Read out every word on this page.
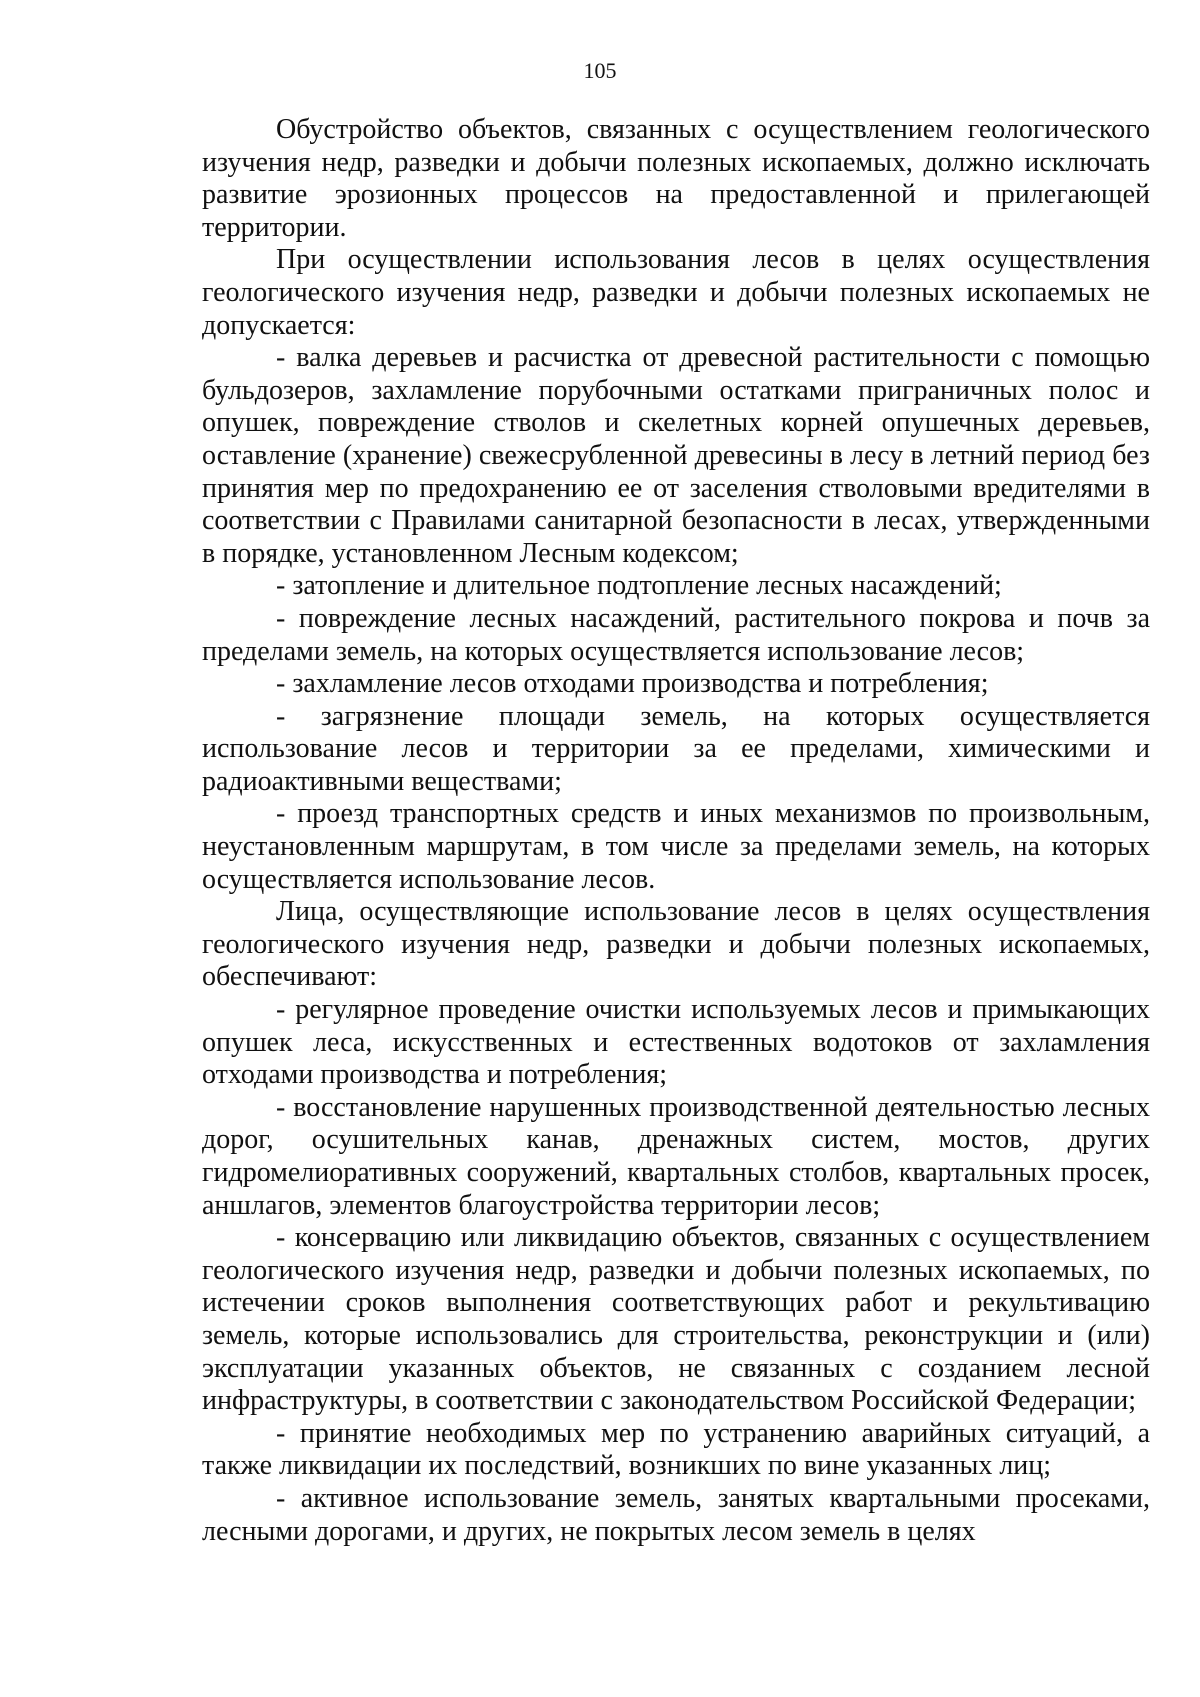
105

Обустройство объектов, связанных с осуществлением геологического изучения недр, разведки и добычи полезных ископаемых, должно исключать развитие эрозионных процессов на предоставленной и прилегающей территории.

При осуществлении использования лесов в целях осуществления геологического изучения недр, разведки и добычи полезных ископаемых не допускается:

- валка деревьев и расчистка от древесной растительности с помощью бульдозеров, захламление порубочными остатками приграничных полос и опушек, повреждение стволов и скелетных корней опушечных деревьев, оставление (хранение) свежесрубленной древесины в лесу в летний период без принятия мер по предохранению ее от заселения стволовыми вредителями в соответствии с Правилами санитарной безопасности в лесах, утвержденными в порядке, установленном Лесным кодексом;

- затопление и длительное подтопление лесных насаждений;

- повреждение лесных насаждений, растительного покрова и почв за пределами земель, на которых осуществляется использование лесов;

- захламление лесов отходами производства и потребления;

- загрязнение площади земель, на которых осуществляется использование лесов и территории за ее пределами, химическими и радиоактивными веществами;

- проезд транспортных средств и иных механизмов по произвольным, неустановленным маршрутам, в том числе за пределами земель, на которых осуществляется использование лесов.

Лица, осуществляющие использование лесов в целях осуществления геологического изучения недр, разведки и добычи полезных ископаемых, обеспечивают:

- регулярное проведение очистки используемых лесов и примыкающих опушек леса, искусственных и естественных водотоков от захламления отходами производства и потребления;

- восстановление нарушенных производственной деятельностью лесных дорог, осушительных канав, дренажных систем, мостов, других гидромелиоративных сооружений, квартальных столбов, квартальных просек, аншлагов, элементов благоустройства территории лесов;

- консервацию или ликвидацию объектов, связанных с осуществлением геологического изучения недр, разведки и добычи полезных ископаемых, по истечении сроков выполнения соответствующих работ и рекультивацию земель, которые использовались для строительства, реконструкции и (или) эксплуатации указанных объектов, не связанных с созданием лесной инфраструктуры, в соответствии с законодательством Российской Федерации;

- принятие необходимых мер по устранению аварийных ситуаций, а также ликвидации их последствий, возникших по вине указанных лиц;

- активное использование земель, занятых квартальными просеками, лесными дорогами, и других, не покрытых лесом земель в целях
